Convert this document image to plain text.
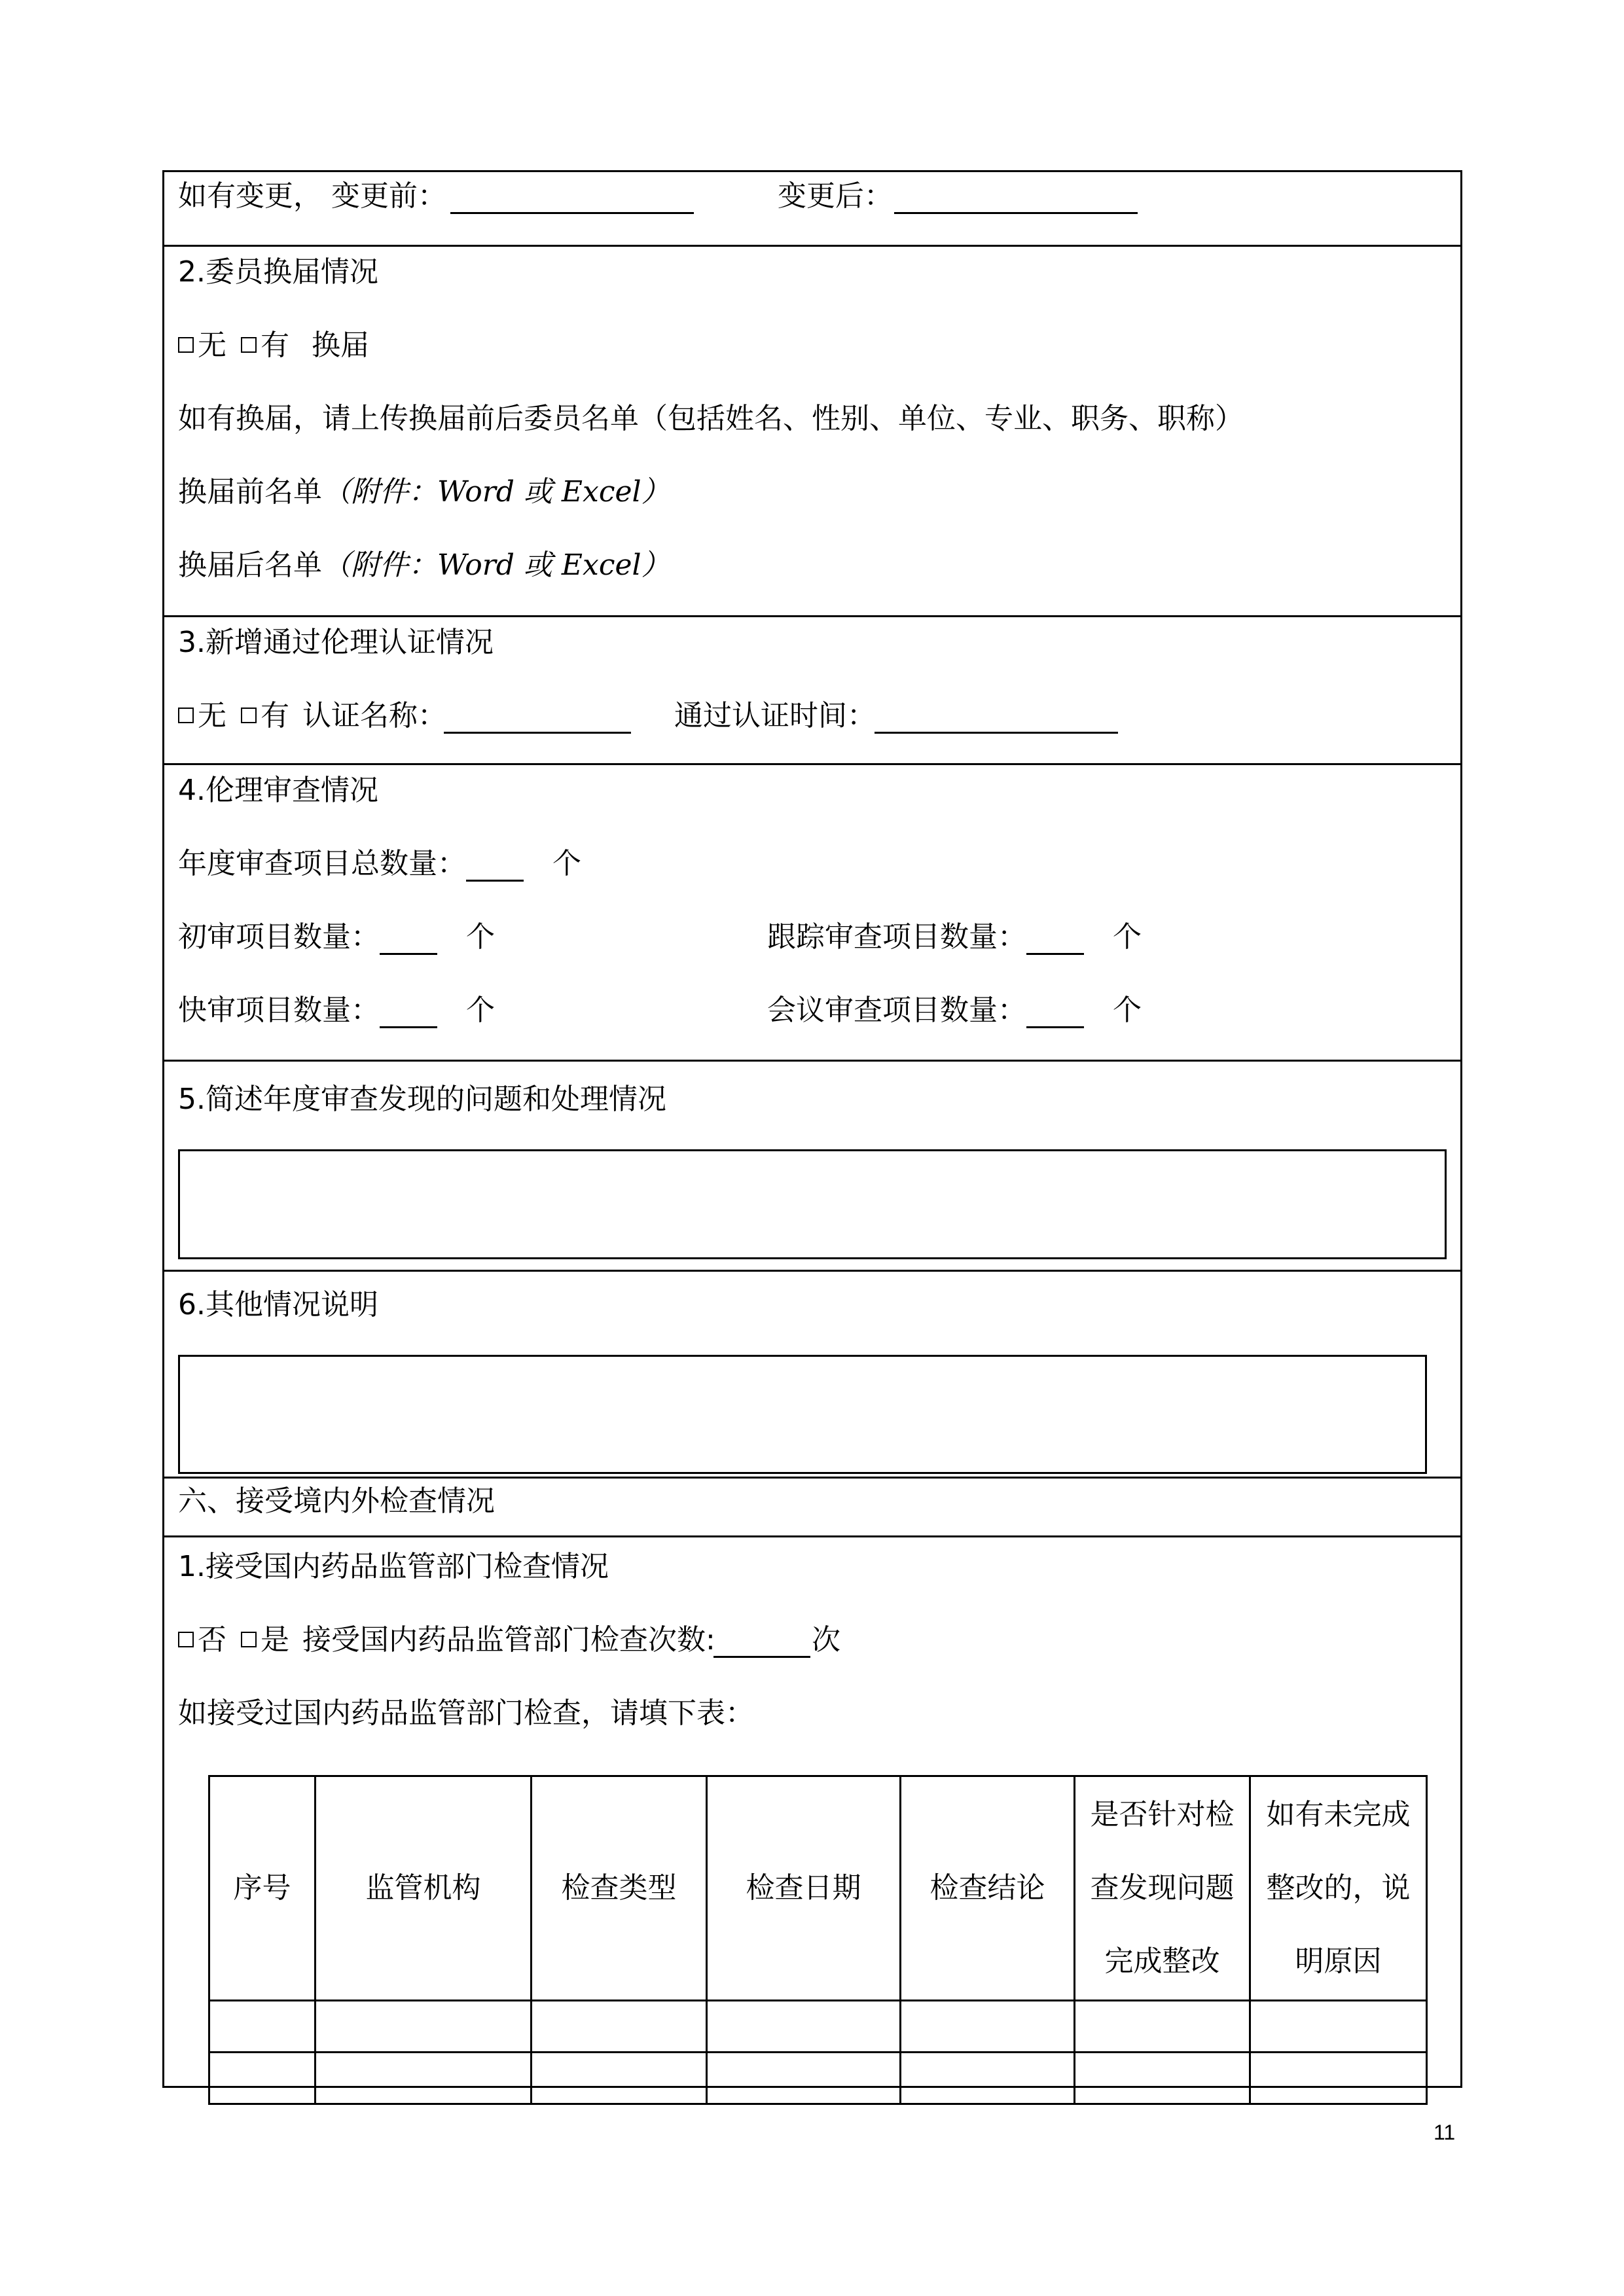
如有变更， 变更前：	变更后：
2.委员换届情况
无	有 换届
如有换届，请上传换届前后委员名单（包括姓名、性别、单位、专业、职务、职称）
换届前名单（附件：Word 或 Excel）
换届后名单（附件：Word 或 Excel）
3.新增通过伦理认证情况
无	有 认证名称：	通过认证时间：
4.伦理审查情况
年度审查项目总数量：	个
初审项目数量：	个	跟踪审查项目数量：	个
快审项目数量：	个	会议审查项目数量：	个
5.简述年度审查发现的问题和处理情况
6.其他情况说明
六、接受境内外检查情况
1.接受国内药品监管部门检查情况
否	是 接受国内药品监管部门检查次数:	次
如接受过国内药品监管部门检查，请填下表：
序号	监管机构	检查类型	检查日期	检查结论	是否针对检查发现问题完成整改	如有未完成整改的，说明原因

11
